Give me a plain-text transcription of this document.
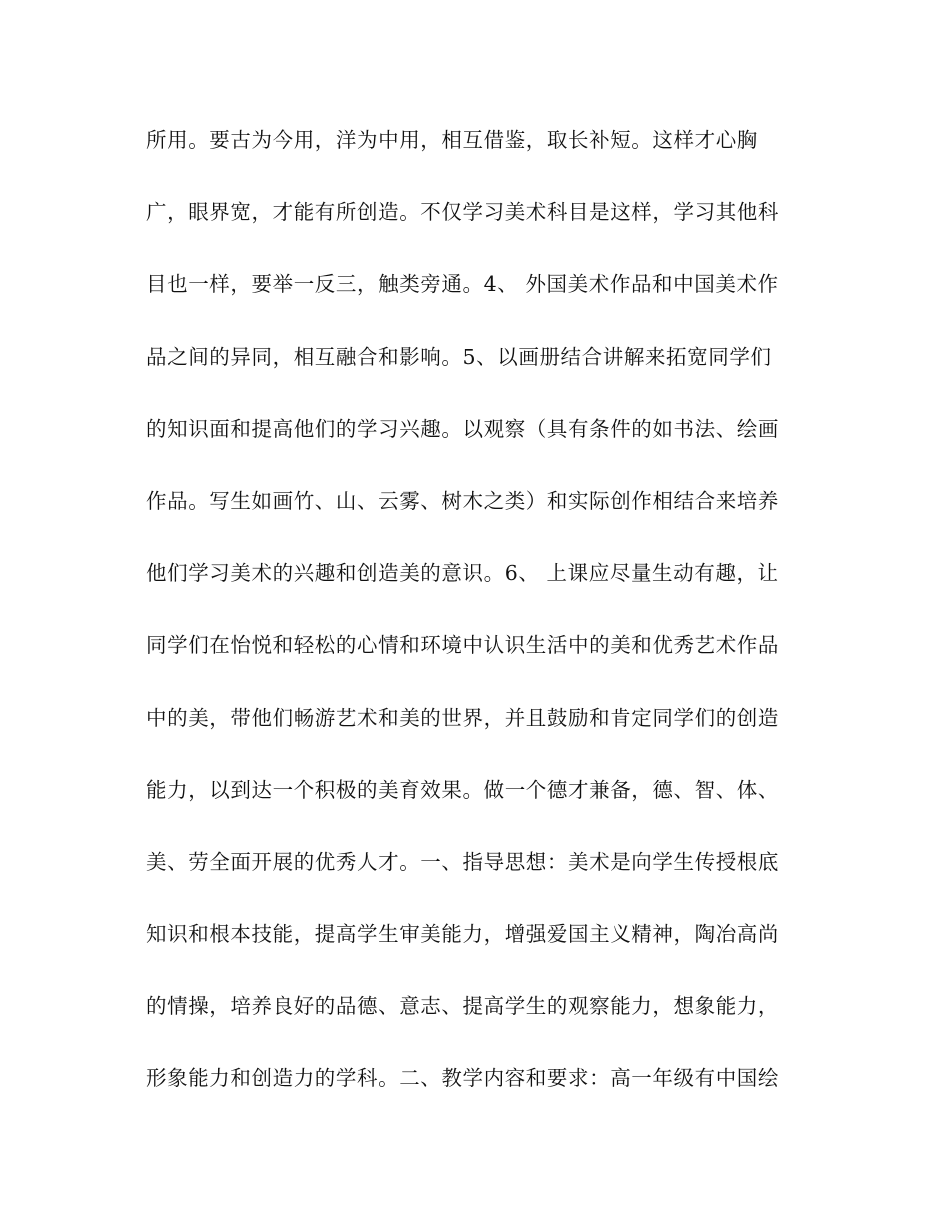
所用。要古为今用，洋为中用，相互借鉴，取长补短。这样才心胸
广，眼界宽，才能有所创造。不仅学习美术科目是这样，学习其他科
目也一样，要举一反三，触类旁通。4、 外国美术作品和中国美术作
品之间的异同，相互融合和影响。5、以画册结合讲解来拓宽同学们
的知识面和提高他们的学习兴趣。以观察（具有条件的如书法、绘画
作品。写生如画竹、山、云雾、树木之类）和实际创作相结合来培养
他们学习美术的兴趣和创造美的意识。6、 上课应尽量生动有趣，让
同学们在怡悦和轻松的心情和环境中认识生活中的美和优秀艺术作品
中的美，带他们畅游艺术和美的世界，并且鼓励和肯定同学们的创造
能力，以到达一个积极的美育效果。做一个德才兼备，德、智、体、
美、劳全面开展的优秀人才。一、指导思想：美术是向学生传授根底
知识和根本技能，提高学生审美能力，增强爱国主义精神，陶冶高尚
的情操，培养良好的品德、意志、提高学生的观察能力，想象能力，
形象能力和创造力的学科。二、教学内容和要求：高一年级有中国绘
